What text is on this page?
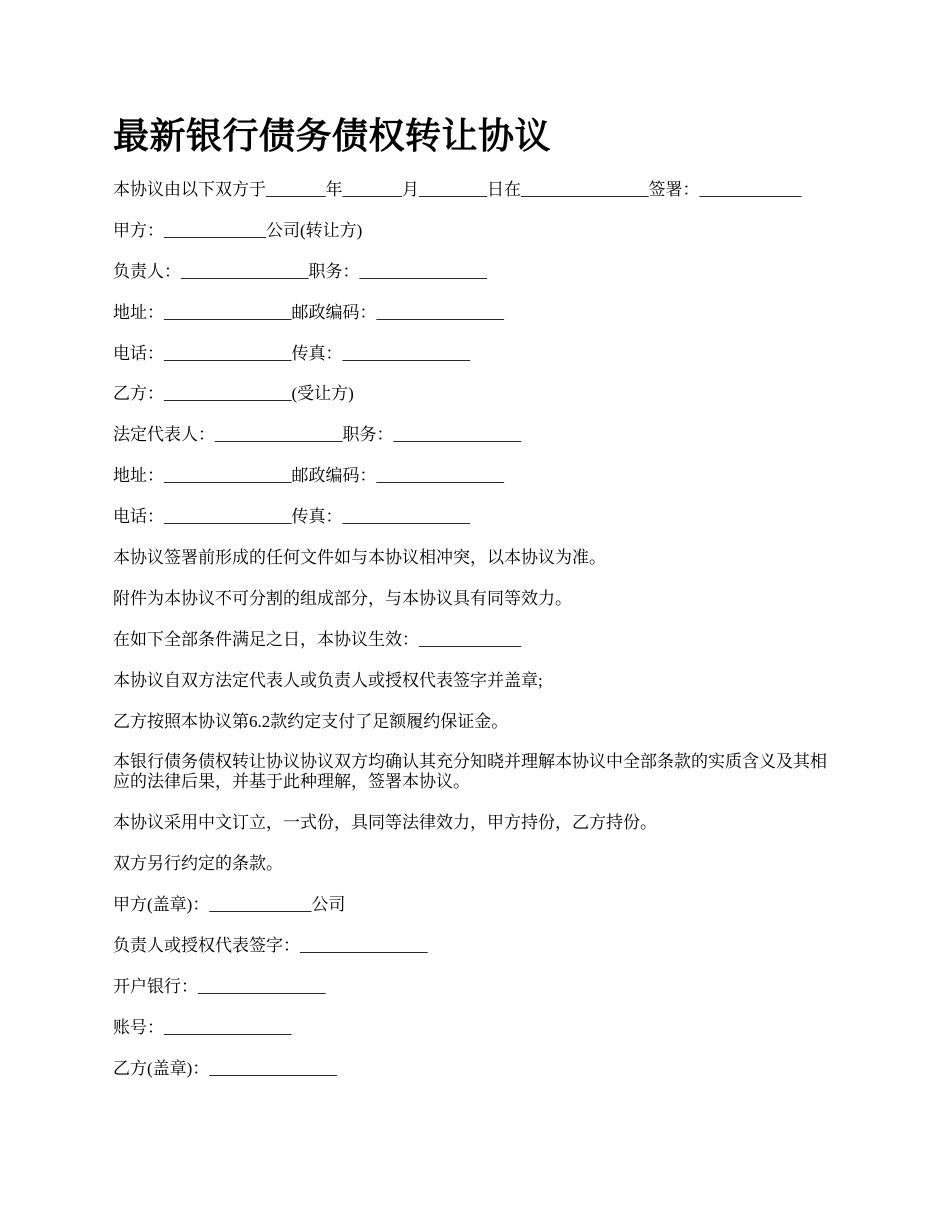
最新银行债务债权转让协议

本协议由以下双方于_______年_______月________日在_______________签署：____________

甲方：____________公司(转让方)

负责人：_______________职务：_______________

地址：_______________邮政编码：_______________

电话：_______________传真：_______________

乙方：_______________(受让方)

法定代表人：_______________职务：_______________

地址：_______________邮政编码：_______________

电话：_______________传真：_______________

本协议签署前形成的任何文件如与本协议相冲突，以本协议为准。

附件为本协议不可分割的组成部分，与本协议具有同等效力。

在如下全部条件满足之日，本协议生效：____________

本协议自双方法定代表人或负责人或授权代表签字并盖章;

乙方按照本协议第6.2款约定支付了足额履约保证金。

本银行债务债权转让协议协议双方均确认其充分知晓并理解本协议中全部条款的实质含义及其相应的法律后果，并基于此种理解，签署本协议。

本协议采用中文订立，一式份，具同等法律效力，甲方持份，乙方持份。

双方另行约定的条款。

甲方(盖章)：____________公司

负责人或授权代表签字：_______________

开户银行：_______________

账号：_______________

乙方(盖章)：_______________
